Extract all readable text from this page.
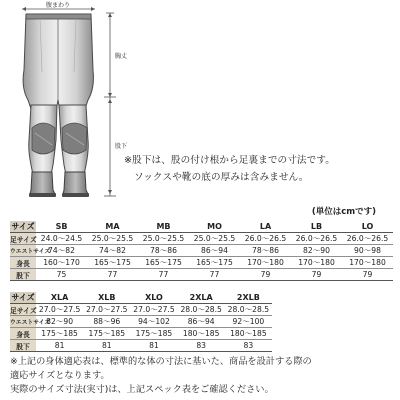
腹まわり
胸丈
股下
※股下は、股の付け根から足裏までの寸法です。
ソックスや靴の底の厚みは含みません。
(単位はcmです)
サイズ	SB	MA	MB	MO	LA	LB	LO
足サイズ	24.0～24.5	25.0～25.5	25.0～25.5	25.0～25.5	26.0～26.5	26.0～26.5	26.0～26.5
ウエストサイズ	74～82	74～82	78～86	86～94	78～86	82～90	90～98
身長	160～170	165～175	165～175	165～175	170～180	170～180	170～180
股下	75	77	77	77	79	79	79
サイズ	XLA	XLB	XLO	2XLA	2XLB
足サイズ	27.0～27.5	27.0～27.5	27.0～27.5	28.0～28.5	28.0～28.5
ウエストサイズ	82～90	88～96	94～102	86～94	92～100
身長	175～185	175～185	175～185	180～185	180～185
股下	81	81	81	83	83
※上記の身体適応表は、標準的な体の寸法に基いた、商品を設計する際の
適応サイズとなります。
実際のサイズ寸法(実寸)は、上記スペック表をご確認ください。
